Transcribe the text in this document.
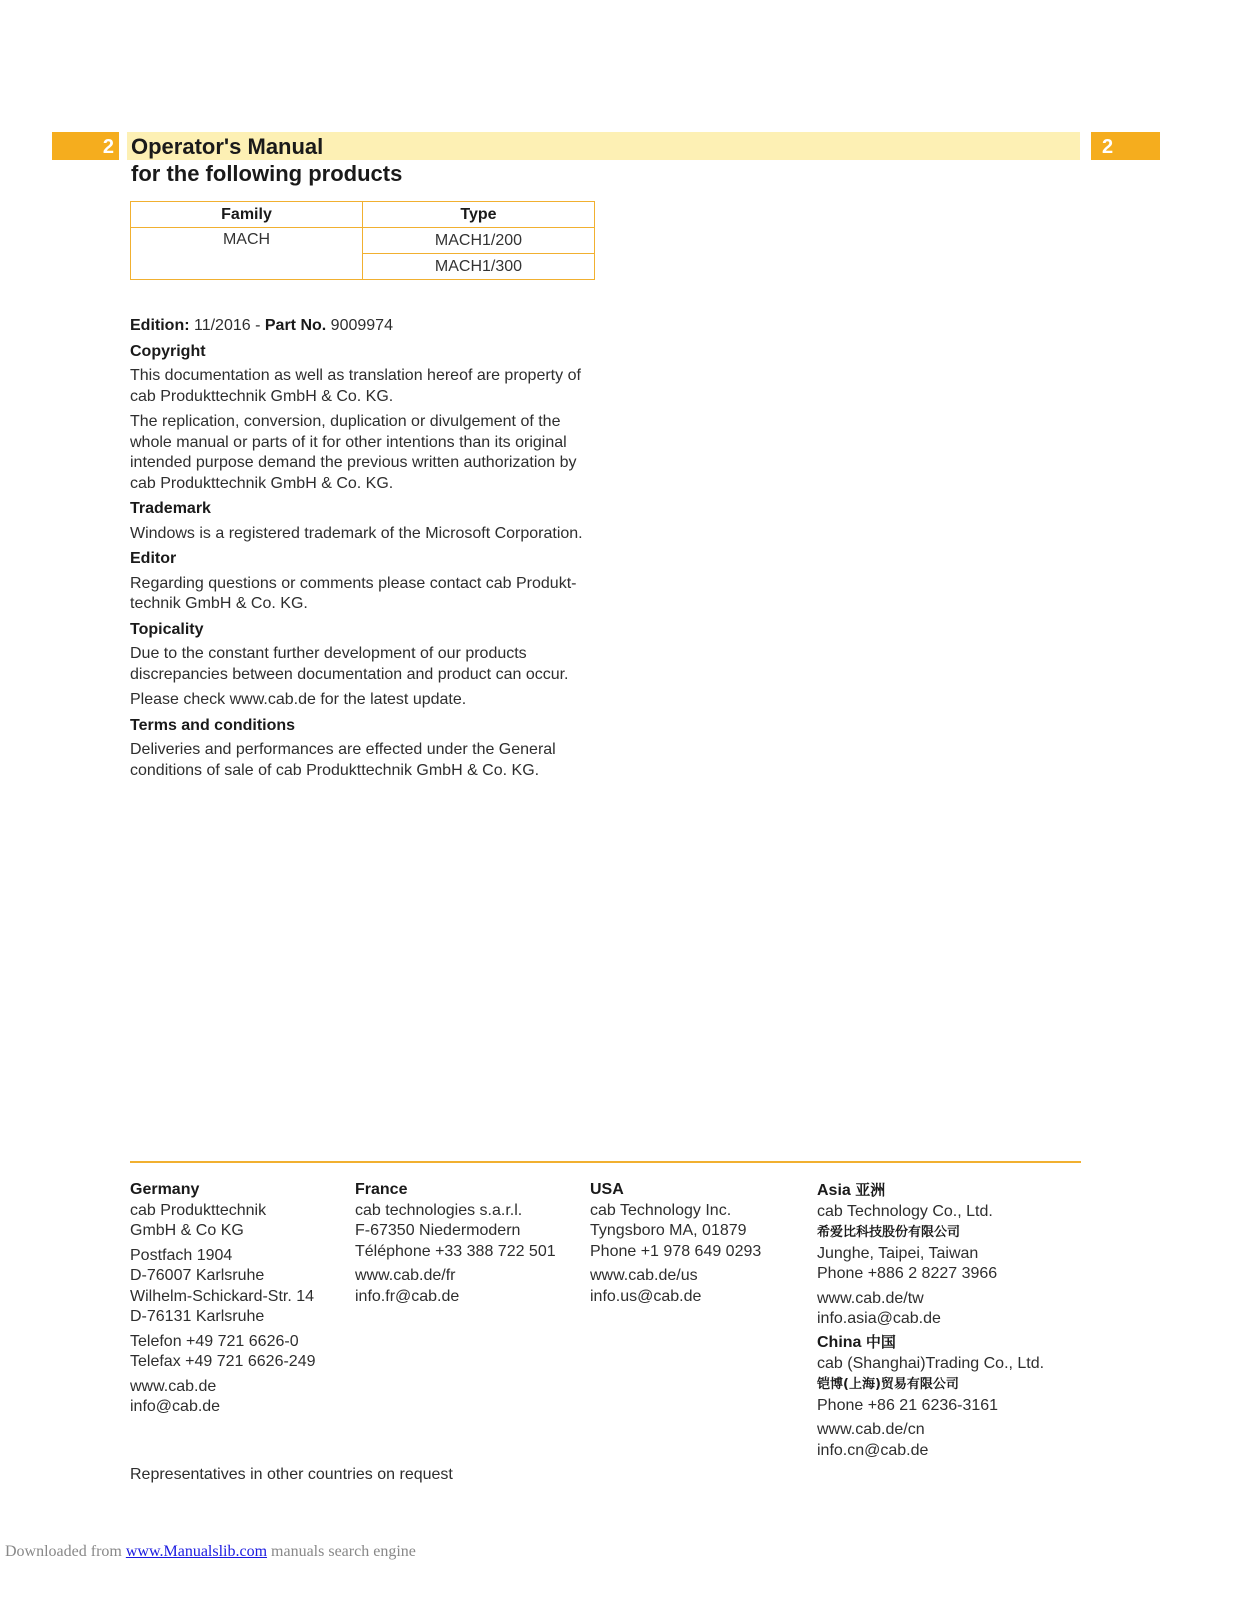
2	2
Operator's Manual
for the following products
Family	Type
MACH	MACH1/200
	MACH1/300

Edition: 11/2016 - Part No. 9009974

Copyright

This documentation as well as translation hereof are property of cab Produkttechnik GmbH & Co. KG.

The replication, conversion, duplication or divulgement of the whole manual or parts of it for other intentions than its original intended purpose demand the previous written authorization by cab Produkttechnik GmbH & Co. KG.

Trademark

Windows is a registered trademark of the Microsoft Corporation.

Editor

Regarding questions or comments please contact cab Produkt-technik GmbH & Co. KG.

Topicality

Due to the constant further development of our products discrepancies between documentation and product can occur.

Please check www.cab.de for the latest update.

Terms and conditions

Deliveries and performances are effected under the General conditions of sale of cab Produkttechnik GmbH & Co. KG.

Germany

cab Produkttechnik
GmbH & Co KG

Postfach 1904
D-76007 Karlsruhe
Wilhelm-Schickard-Str. 14
D-76131 Karlsruhe

Telefon +49 721 6626-0
Telefax +49 721 6626-249

www.cab.de
info@cab.de

France

cab technologies s.a.r.l.
F-67350 Niedermodern
Téléphone +33 388 722 501

www.cab.de/fr
info.fr@cab.de

USA

cab Technology Inc.
Tyngsboro MA, 01879
Phone +1 978 649 0293

www.cab.de/us
info.us@cab.de

Asia 亚洲

cab Technology Co., Ltd.
希爱比科技股份有限公司
Junghe, Taipei, Taiwan
Phone +886 2 8227 3966

www.cab.de/tw
info.asia@cab.de

China 中国

cab (Shanghai)Trading Co., Ltd.
铠博(上海)贸易有限公司
Phone +86 21 6236-3161

www.cab.de/cn
info.cn@cab.de

Representatives in other countries on request
Downloaded from www.Manualslib.com manuals search engine
